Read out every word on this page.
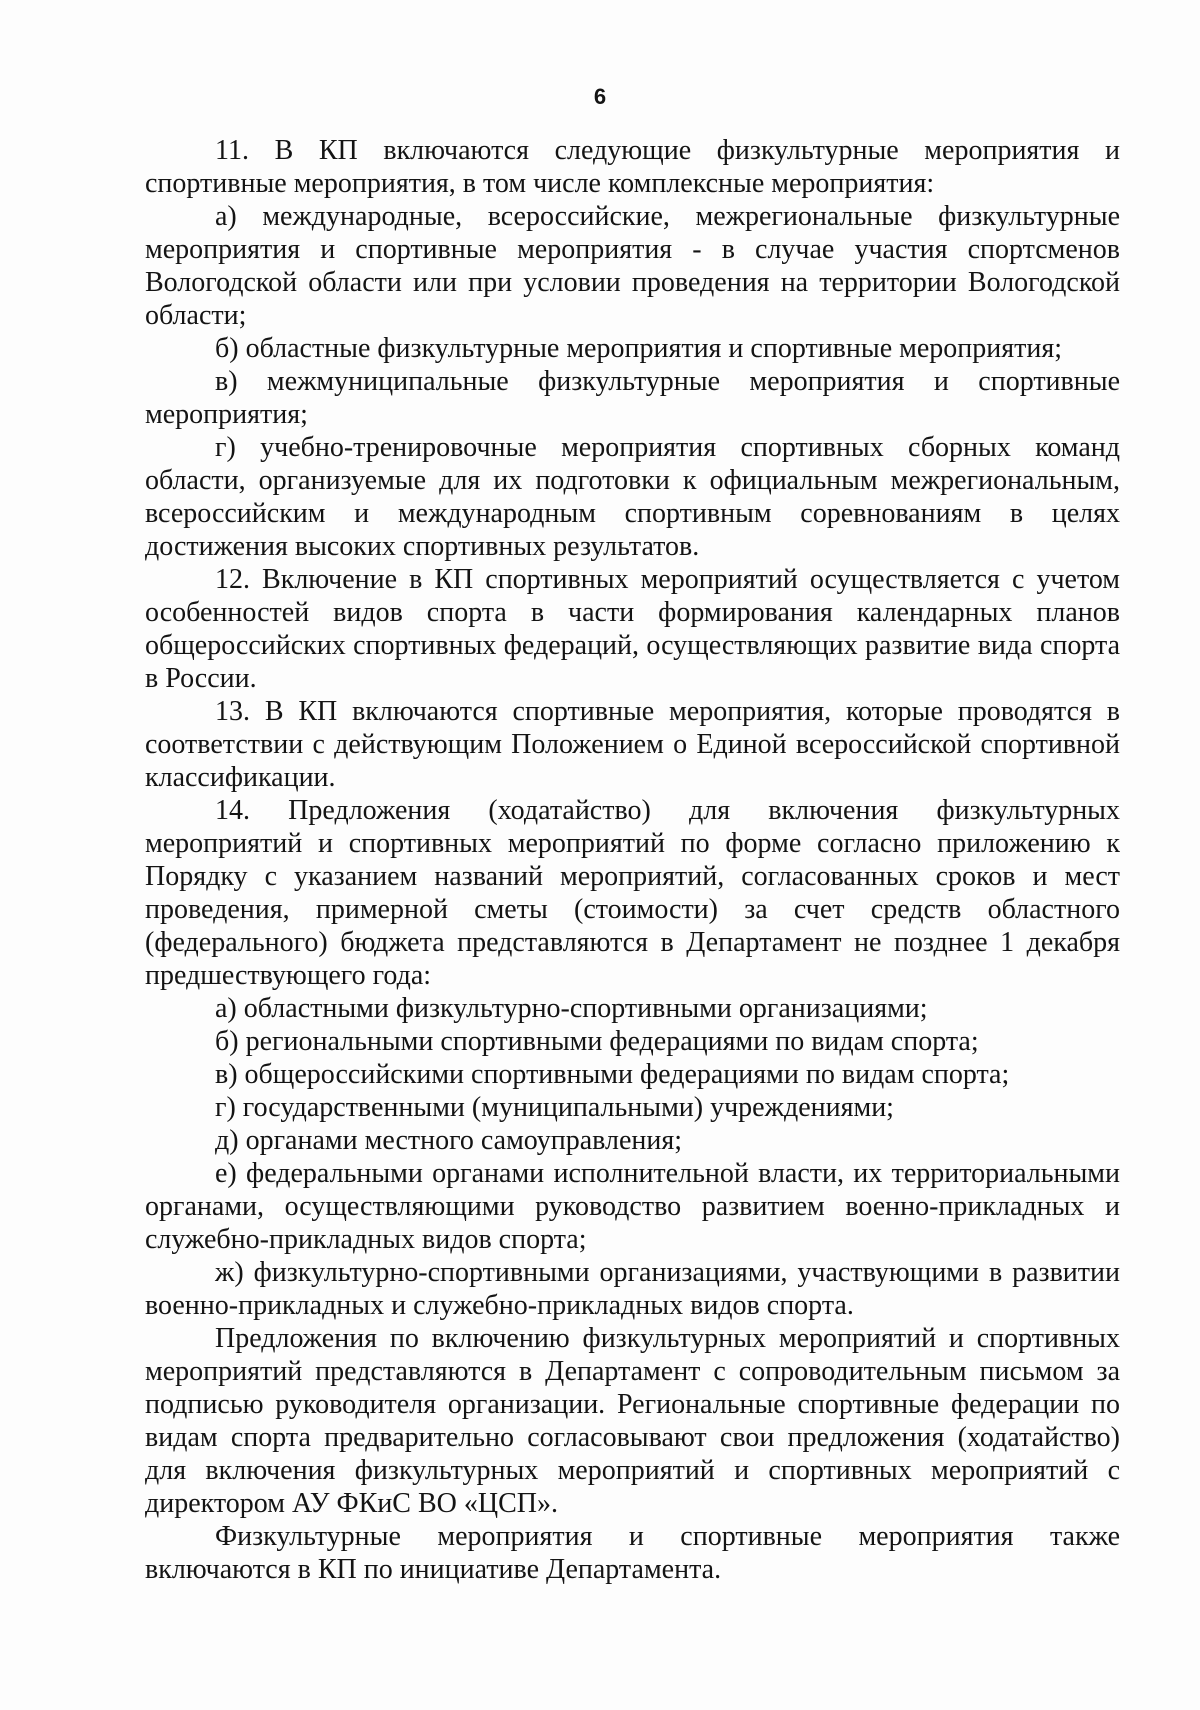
6

11. В КП включаются следующие физкультурные мероприятия и спортивные мероприятия, в том числе комплексные мероприятия:

а) международные, всероссийские, межрегиональные физкультурные мероприятия и спортивные мероприятия - в случае участия спортсменов Вологодской области или при условии проведения на территории Вологодской области;

б) областные физкультурные мероприятия и спортивные мероприятия;

в) межмуниципальные физкультурные мероприятия и спортивные мероприятия;

г) учебно-тренировочные мероприятия спортивных сборных команд области, организуемые для их подготовки к официальным межрегиональным, всероссийским и международным спортивным соревнованиям в целях достижения высоких спортивных результатов.

12. Включение в КП спортивных мероприятий осуществляется с учетом особенностей видов спорта в части формирования календарных планов общероссийских спортивных федераций, осуществляющих развитие вида спорта в России.

13. В КП включаются спортивные мероприятия, которые проводятся в соответствии с действующим Положением о Единой всероссийской спортивной классификации.

14. Предложения (ходатайство) для включения физкультурных мероприятий и спортивных мероприятий по форме согласно приложению к Порядку с указанием названий мероприятий, согласованных сроков и мест проведения, примерной сметы (стоимости) за счет средств областного (федерального) бюджета представляются в Департамент не позднее 1 декабря предшествующего года:

а) областными физкультурно-спортивными организациями;

б) региональными спортивными федерациями по видам спорта;

в) общероссийскими спортивными федерациями по видам спорта;

г) государственными (муниципальными) учреждениями;

д) органами местного самоуправления;

е) федеральными органами исполнительной власти, их территориальными органами, осуществляющими руководство развитием военно-прикладных и служебно-прикладных видов спорта;

ж) физкультурно-спортивными организациями, участвующими в развитии военно-прикладных и служебно-прикладных видов спорта.

Предложения по включению физкультурных мероприятий и спортивных мероприятий представляются в Департамент с сопроводительным письмом за подписью руководителя организации. Региональные спортивные федерации по видам спорта предварительно согласовывают свои предложения (ходатайство) для включения физкультурных мероприятий и спортивных мероприятий с директором АУ ФКиС ВО «ЦСП».

Физкультурные мероприятия и спортивные мероприятия также включаются в КП по инициативе Департамента.
